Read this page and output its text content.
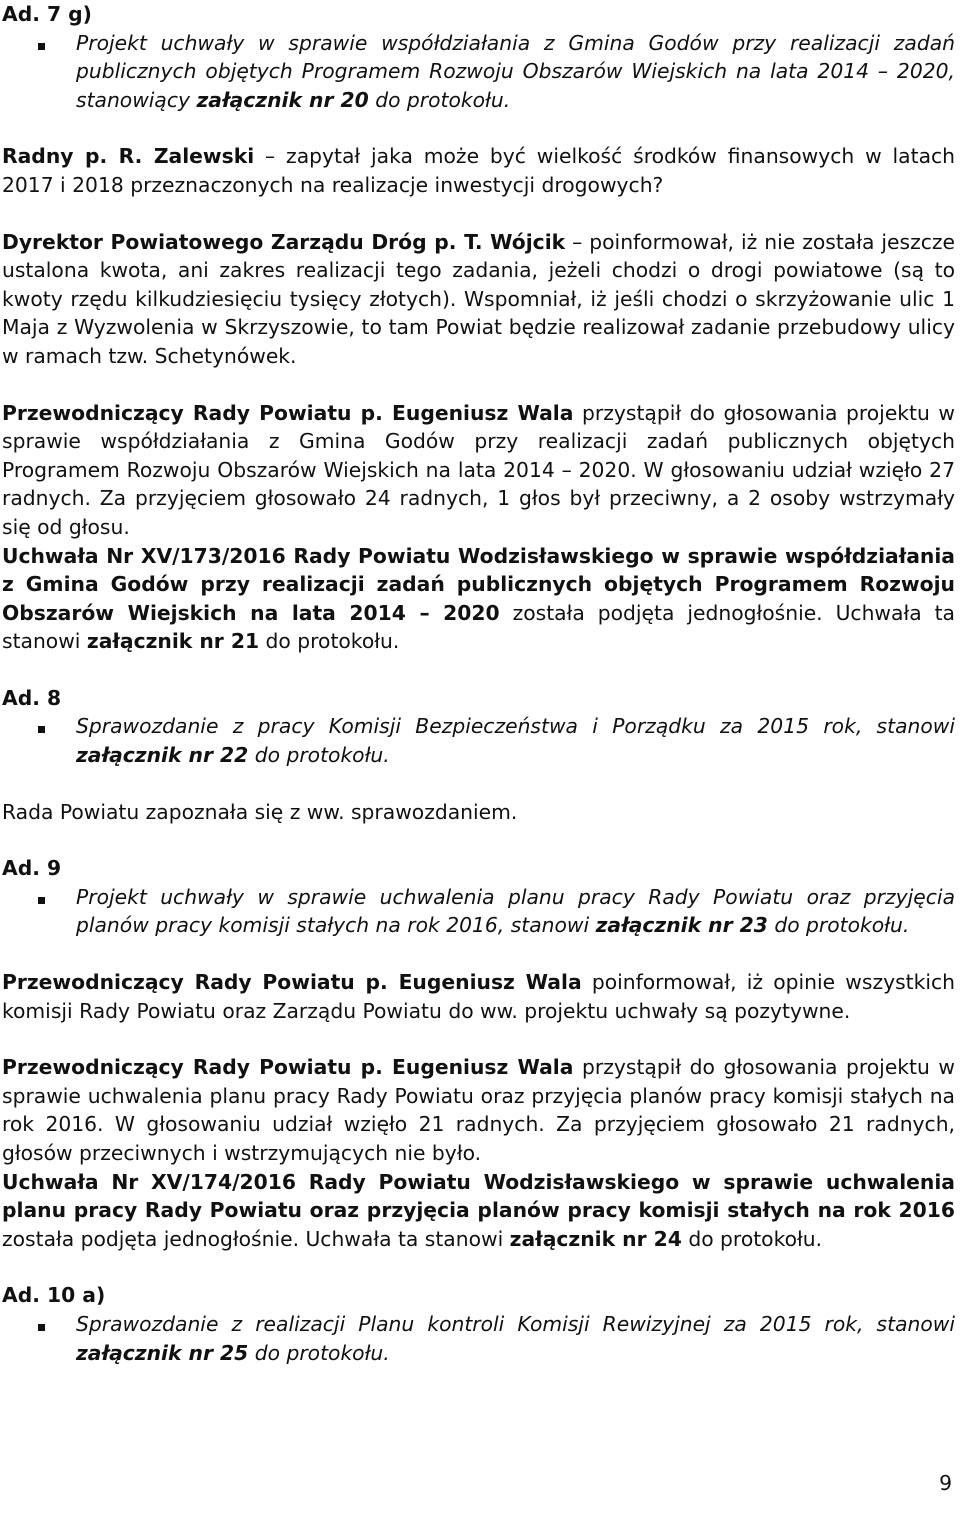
Ad. 7 g)

Projekt uchwały w sprawie współdziałania z Gmina Godów przy realizacji zadań publicznych objętych Programem Rozwoju Obszarów Wiejskich na lata 2014 – 2020, stanowiący załącznik nr 20 do protokołu.

Radny p. R. Zalewski – zapytał jaka może być wielkość środków finansowych w latach 2017 i 2018 przeznaczonych na realizacje inwestycji drogowych?

Dyrektor Powiatowego Zarządu Dróg p. T. Wójcik – poinformował, iż nie została jeszcze ustalona kwota, ani zakres realizacji tego zadania, jeżeli chodzi o drogi powiatowe (są to kwoty rzędu kilkudziesięciu tysięcy złotych). Wspomniał, iż jeśli chodzi o skrzyżowanie ulic 1 Maja z Wyzwolenia w Skrzyszowie, to tam Powiat będzie realizował zadanie przebudowy ulicy w ramach tzw. Schetynówek.

Przewodniczący Rady Powiatu p. Eugeniusz Wala przystąpił do głosowania projektu w sprawie współdziałania z Gmina Godów przy realizacji zadań publicznych objętych Programem Rozwoju Obszarów Wiejskich na lata 2014 – 2020. W głosowaniu udział wzięło 27 radnych. Za przyjęciem głosowało 24 radnych, 1 głos był przeciwny, a 2 osoby wstrzymały się od głosu.

Uchwała Nr XV/173/2016 Rady Powiatu Wodzisławskiego w sprawie współdziałania z Gmina Godów przy realizacji zadań publicznych objętych Programem Rozwoju Obszarów Wiejskich na lata 2014 – 2020 została podjęta jednogłośnie. Uchwała ta stanowi załącznik nr 21 do protokołu.

Ad. 8

Sprawozdanie z pracy Komisji Bezpieczeństwa i Porządku za 2015 rok, stanowi załącznik nr 22 do protokołu.

Rada Powiatu zapoznała się z ww. sprawozdaniem.

Ad. 9

Projekt uchwały w sprawie uchwalenia planu pracy Rady Powiatu oraz przyjęcia planów pracy komisji stałych na rok 2016, stanowi załącznik nr 23 do protokołu.

Przewodniczący Rady Powiatu p. Eugeniusz Wala poinformował, iż opinie wszystkich komisji Rady Powiatu oraz Zarządu Powiatu do ww. projektu uchwały są pozytywne.

Przewodniczący Rady Powiatu p. Eugeniusz Wala przystąpił do głosowania projektu w sprawie uchwalenia planu pracy Rady Powiatu oraz przyjęcia planów pracy komisji stałych na rok 2016. W głosowaniu udział wzięło 21 radnych. Za przyjęciem głosowało 21 radnych, głosów przeciwnych i wstrzymujących nie było.

Uchwała Nr XV/174/2016 Rady Powiatu Wodzisławskiego w sprawie uchwalenia planu pracy Rady Powiatu oraz przyjęcia planów pracy komisji stałych na rok 2016 została podjęta jednogłośnie. Uchwała ta stanowi załącznik nr 24 do protokołu.

Ad. 10 a)

Sprawozdanie z realizacji Planu kontroli Komisji Rewizyjnej za 2015 rok, stanowi załącznik nr 25 do protokołu.
9
